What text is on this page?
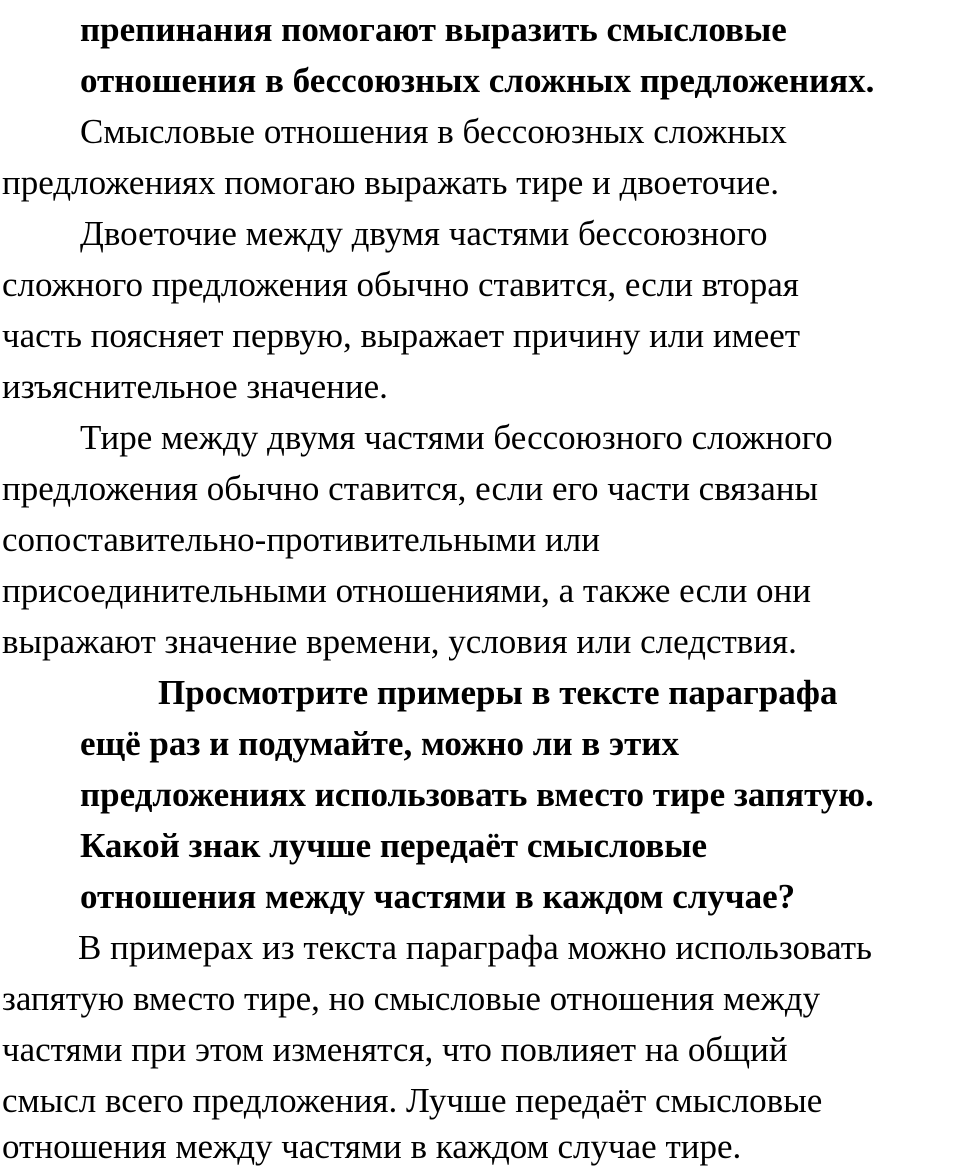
препинания помогают выразить смысловые

отношения в бессоюзных сложных предложениях.

Смысловые отношения в бессоюзных сложных

предложениях помогаю выражать тире и двоеточие.

Двоеточие между двумя частями бессоюзного

сложного предложения обычно ставится, если вторая

часть поясняет первую, выражает причину или имеет

изъяснительное значение.

Тире между двумя частями бессоюзного сложного

предложения обычно ставится, если его части связаны

сопоставительно-противительными или

присоединительными отношениями, а также если они

выражают значение времени, условия или следствия.

Просмотрите примеры в тексте параграфа

ещё раз и подумайте, можно ли в этих

предложениях использовать вместо тире запятую.

Какой знак лучше передаёт смысловые

отношения между частями в каждом случае?

В примерах из текста параграфа можно использовать

запятую вместо тире, но смысловые отношения между

частями при этом изменятся, что повлияет на общий

смысл всего предложения. Лучше передаёт смысловые

отношения между частями в каждом случае тире.
